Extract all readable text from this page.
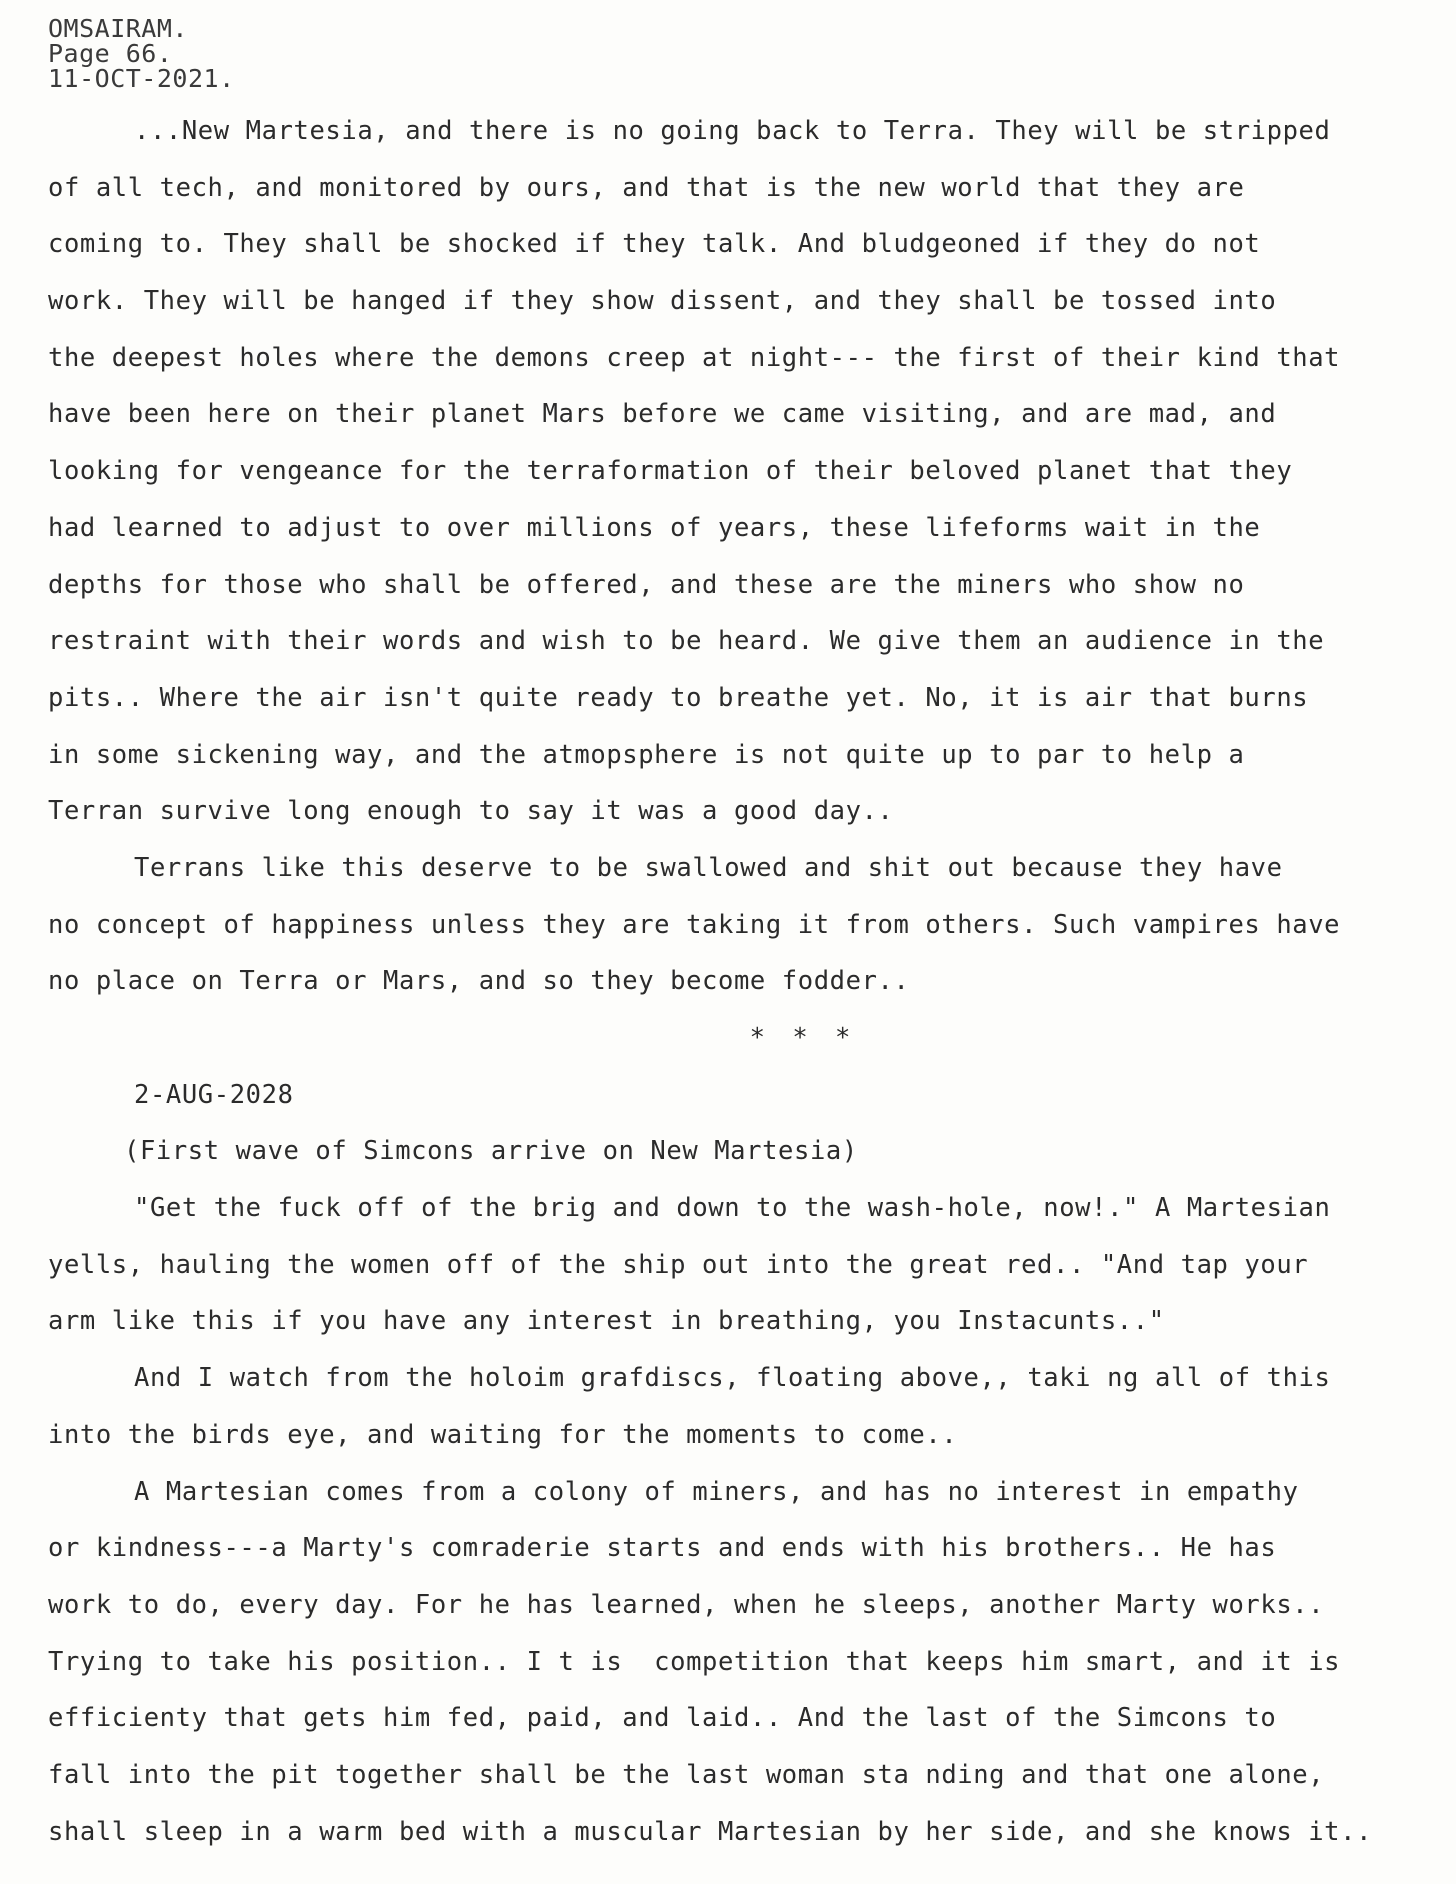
OMSAIRAM.
Page 66.
11-OCT-2021.
...New Martesia, and there is no going back to Terra. They will be stripped
of all tech, and monitored by ours, and that is the new world that they are
coming to. They shall be shocked if they talk. And bludgeoned if they do not
work. They will be hanged if they show dissent, and they shall be tossed into
the deepest holes where the demons creep at night--- the first of their kind that
have been here on their planet Mars before we came visiting, and are mad, and
looking for vengeance for the terraformation of their beloved planet that they
had learned to adjust to over millions of years, these lifeforms wait in the
depths for those who shall be offered, and these are the miners who show no
restraint with their words and wish to be heard. We give them an audience in the
pits.. Where the air isn't quite ready to breathe yet. No, it is air that burns
in some sickening way, and the atmopsphere is not quite up to par to help a
Terran survive long enough to say it was a good day..
Terrans like this deserve to be swallowed and shit out because they have
no concept of happiness unless they are taking it from others. Such vampires have
no place on Terra or Mars, and so they become fodder..
* * *
2-AUG-2028
(First wave of Simcons arrive on New Martesia)
"Get the fuck off of the brig and down to the wash-hole, now!." A Martesian
yells, hauling the women off of the ship out into the great red.. "And tap your
arm like this if you have any interest in breathing, you Instacunts.."
And I watch from the holoim grafdiscs, floating above,, taki ng all of this
into the birds eye, and waiting for the moments to come..
A Martesian comes from a colony of miners, and has no interest in empathy
or kindness---a Marty's comraderie starts and ends with his brothers.. He has
work to do, every day. For he has learned, when he sleeps, another Marty works..
Trying to take his position.. I t is  competition that keeps him smart, and it is
efficienty that gets him fed, paid, and laid.. And the last of the Simcons to
fall into the pit together shall be the last woman sta nding and that one alone,
shall sleep in a warm bed with a muscular Martesian by her side, and she knows it..
